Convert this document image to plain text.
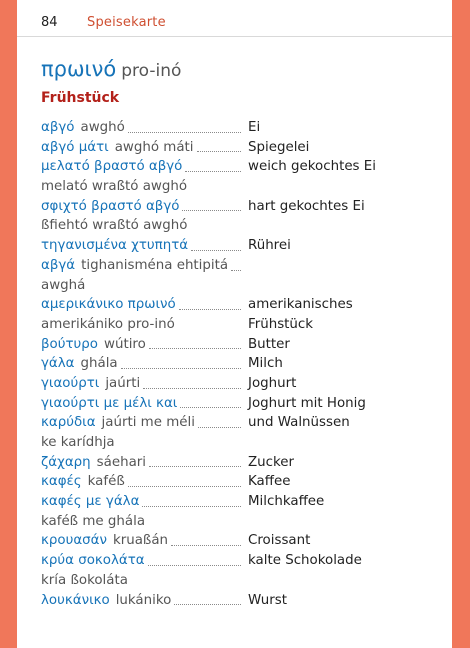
84 Speisekarte
πρωινό pro-inó
Frühstück
αβγό awghó	Ei
αβγό μάτι awghó máti	Spiegelei
μελατό βραστό αβγό	weich gekochtes Ei
melató wraßtó awghó
σφιχτό βραστό αβγό	hart gekochtes Ei
ßfiehtó wraßtó awghó
τηγανισμένα χτυπητά	Rührei
αβγά tighanisména ehtipitá
awghá
αμερικάνικο πρωινό	amerikanisches
amerikániko pro-inó	Frühstück
βούτυρο wútiro	Butter
γάλα ghála	Milch
γιαούρτι jaúrti	Joghurt
γιαούρτι με μέλι και	Joghurt mit Honig
καρύδια jaúrti me méli	und Walnüssen
ke karídhja
ζάχαρη sáehari	Zucker
καφές kaféß	Kaffee
καφές με γάλα	Milchkaffee
kaféß me ghála
κρουασάν kruaßán	Croissant
κρύα σοκολάτα	kalte Schokolade
kría ßokoláta
λουκάνικο lukániko	Wurst
